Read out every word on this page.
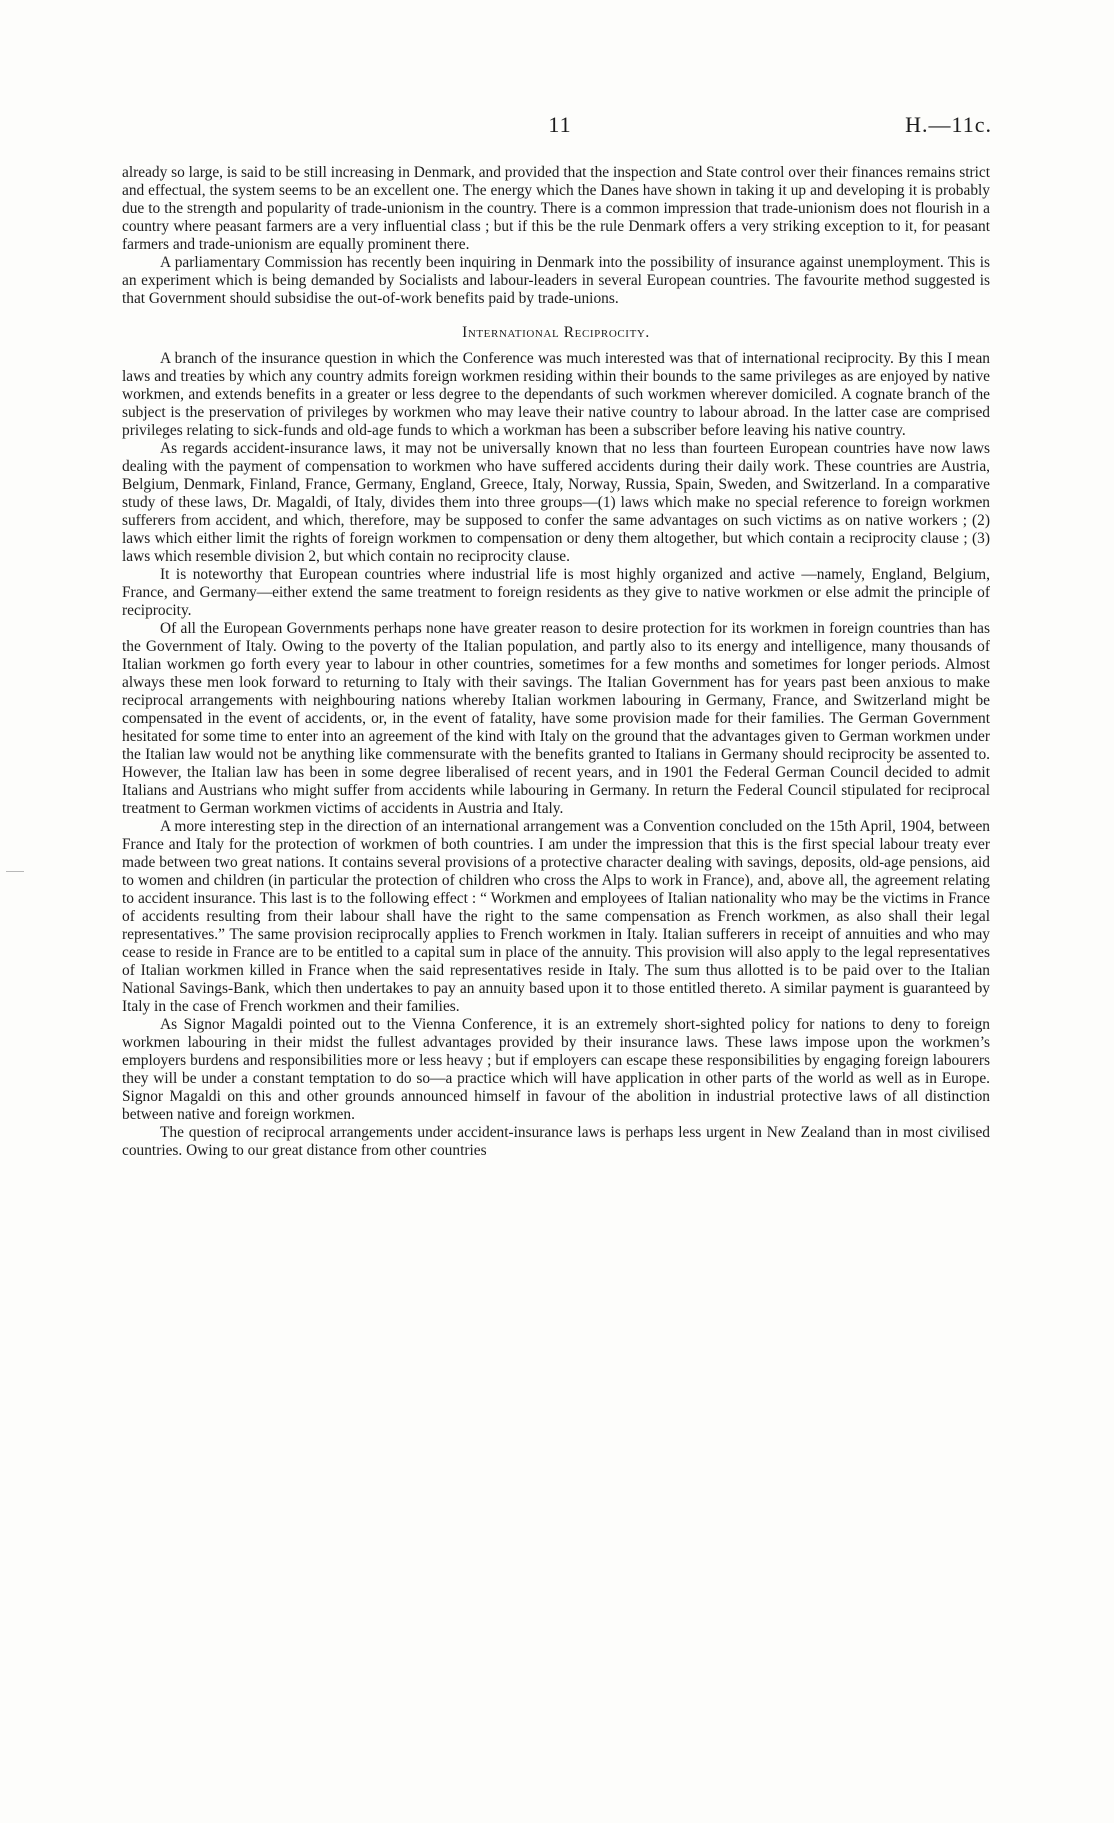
11	H.—11c.

already so large, is said to be still increasing in Denmark, and provided that the inspection and State control over their finances remains strict and effectual, the system seems to be an excellent one. The energy which the Danes have shown in taking it up and developing it is probably due to the strength and popularity of trade-unionism in the country. There is a common impression that trade-unionism does not flourish in a country where peasant farmers are a very influential class ; but if this be the rule Denmark offers a very striking exception to it, for peasant farmers and trade-unionism are equally prominent there.

A parliamentary Commission has recently been inquiring in Denmark into the possibility of insurance against unemployment. This is an experiment which is being demanded by Socialists and labour-leaders in several European countries. The favourite method suggested is that Government should subsidise the out-of-work benefits paid by trade-unions.

International Reciprocity.

A branch of the insurance question in which the Conference was much interested was that of international reciprocity. By this I mean laws and treaties by which any country admits foreign workmen residing within their bounds to the same privileges as are enjoyed by native workmen, and extends benefits in a greater or less degree to the dependants of such workmen wherever domiciled. A cognate branch of the subject is the preservation of privileges by workmen who may leave their native country to labour abroad. In the latter case are comprised privileges relating to sick-funds and old-age funds to which a workman has been a subscriber before leaving his native country.

As regards accident-insurance laws, it may not be universally known that no less than fourteen European countries have now laws dealing with the payment of compensation to workmen who have suffered accidents during their daily work. These countries are Austria, Belgium, Denmark, Finland, France, Germany, England, Greece, Italy, Norway, Russia, Spain, Sweden, and Switzerland. In a comparative study of these laws, Dr. Magaldi, of Italy, divides them into three groups—(1) laws which make no special reference to foreign workmen sufferers from accident, and which, therefore, may be supposed to confer the same advantages on such victims as on native workers ; (2) laws which either limit the rights of foreign workmen to compensation or deny them altogether, but which contain a reciprocity clause ; (3) laws which resemble division 2, but which contain no reciprocity clause.

It is noteworthy that European countries where industrial life is most highly organized and active —namely, England, Belgium, France, and Germany—either extend the same treatment to foreign residents as they give to native workmen or else admit the principle of reciprocity.

Of all the European Governments perhaps none have greater reason to desire protection for its workmen in foreign countries than has the Government of Italy. Owing to the poverty of the Italian population, and partly also to its energy and intelligence, many thousands of Italian workmen go forth every year to labour in other countries, sometimes for a few months and sometimes for longer periods. Almost always these men look forward to returning to Italy with their savings. The Italian Government has for years past been anxious to make reciprocal arrangements with neighbouring nations whereby Italian workmen labouring in Germany, France, and Switzerland might be compensated in the event of accidents, or, in the event of fatality, have some provision made for their families. The German Government hesitated for some time to enter into an agreement of the kind with Italy on the ground that the advantages given to German workmen under the Italian law would not be anything like commensurate with the benefits granted to Italians in Germany should reciprocity be assented to. However, the Italian law has been in some degree liberalised of recent years, and in 1901 the Federal German Council decided to admit Italians and Austrians who might suffer from accidents while labouring in Germany. In return the Federal Council stipulated for reciprocal treatment to German workmen victims of accidents in Austria and Italy.

A more interesting step in the direction of an international arrangement was a Convention concluded on the 15th April, 1904, between France and Italy for the protection of workmen of both countries. I am under the impression that this is the first special labour treaty ever made between two great nations. It contains several provisions of a protective character dealing with savings, deposits, old-age pensions, aid to women and children (in particular the protection of children who cross the Alps to work in France), and, above all, the agreement relating to accident insurance. This last is to the following effect : “ Workmen and employees of Italian nationality who may be the victims in France of accidents resulting from their labour shall have the right to the same compensation as French workmen, as also shall their legal representatives.” The same provision reciprocally applies to French workmen in Italy. Italian sufferers in receipt of annuities and who may cease to reside in France are to be entitled to a capital sum in place of the annuity. This provision will also apply to the legal representatives of Italian workmen killed in France when the said representatives reside in Italy. The sum thus allotted is to be paid over to the Italian National Savings-Bank, which then undertakes to pay an annuity based upon it to those entitled thereto. A similar payment is guaranteed by Italy in the case of French workmen and their families.

As Signor Magaldi pointed out to the Vienna Conference, it is an extremely short-sighted policy for nations to deny to foreign workmen labouring in their midst the fullest advantages provided by their insurance laws. These laws impose upon the workmen’s employers burdens and responsibilities more or less heavy ; but if employers can escape these responsibilities by engaging foreign labourers they will be under a constant temptation to do so—a practice which will have application in other parts of the world as well as in Europe. Signor Magaldi on this and other grounds announced himself in favour of the abolition in industrial protective laws of all distinction between native and foreign workmen.

The question of reciprocal arrangements under accident-insurance laws is perhaps less urgent in New Zealand than in most civilised countries. Owing to our great distance from other countries
